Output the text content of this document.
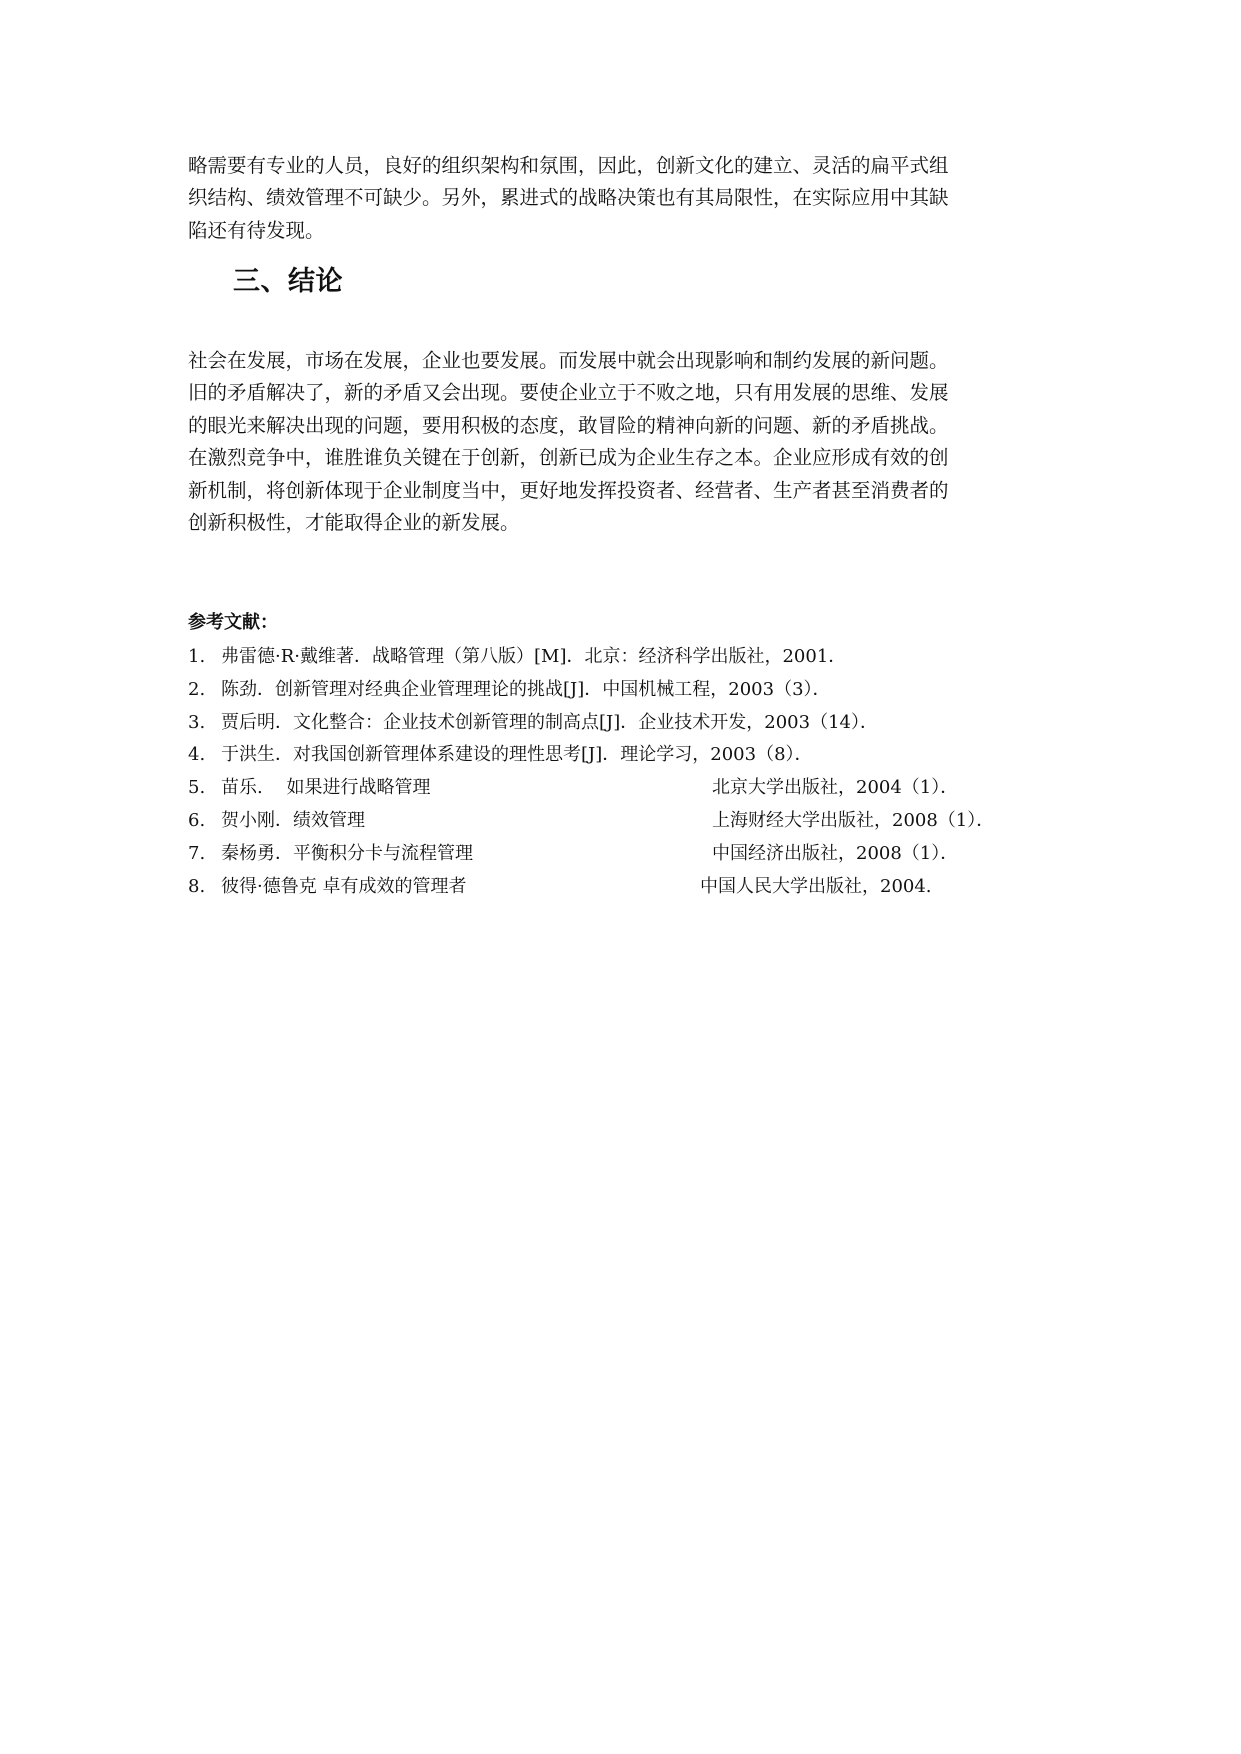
略需要有专业的人员，良好的组织架构和氛围，因此，创新文化的建立、灵活的扁平式组
织结构、绩效管理不可缺少。另外，累进式的战略决策也有其局限性，在实际应用中其缺
陷还有待发现。

三、结论

社会在发展，市场在发展，企业也要发展。而发展中就会出现影响和制约发展的新问题。
旧的矛盾解决了，新的矛盾又会出现。要使企业立于不败之地，只有用发展的思维、发展
的眼光来解决出现的问题，要用积极的态度，敢冒险的精神向新的问题、新的矛盾挑战。
在激烈竞争中，谁胜谁负关键在于创新，创新已成为企业生存之本。企业应形成有效的创
新机制，将创新体现于企业制度当中，更好地发挥投资者、经营者、生产者甚至消费者的
创新积极性，才能取得企业的新发展。

参考文献：
1. 弗雷德·R·戴维著．战略管理（第八版）[M]．北京：经济科学出版社，2001．
2. 陈劲．创新管理对经典企业管理理论的挑战[J]．中国机械工程，2003（3）．
3. 贾后明．文化整合：企业技术创新管理的制高点[J]．企业技术开发，2003（14）．
4. 于洪生．对我国创新管理体系建设的理性思考[J]．理论学习，2003（8）．
5. 苗乐.　 如果进行战略管理	北京大学出版社，2004（1）．
6. 贺小刚．绩效管理	上海财经大学出版社，2008（1）．
7. 秦杨勇．平衡积分卡与流程管理	中国经济出版社，2008（1）．
8. 彼得·德鲁克 卓有成效的管理者	中国人民大学出版社，2004.
